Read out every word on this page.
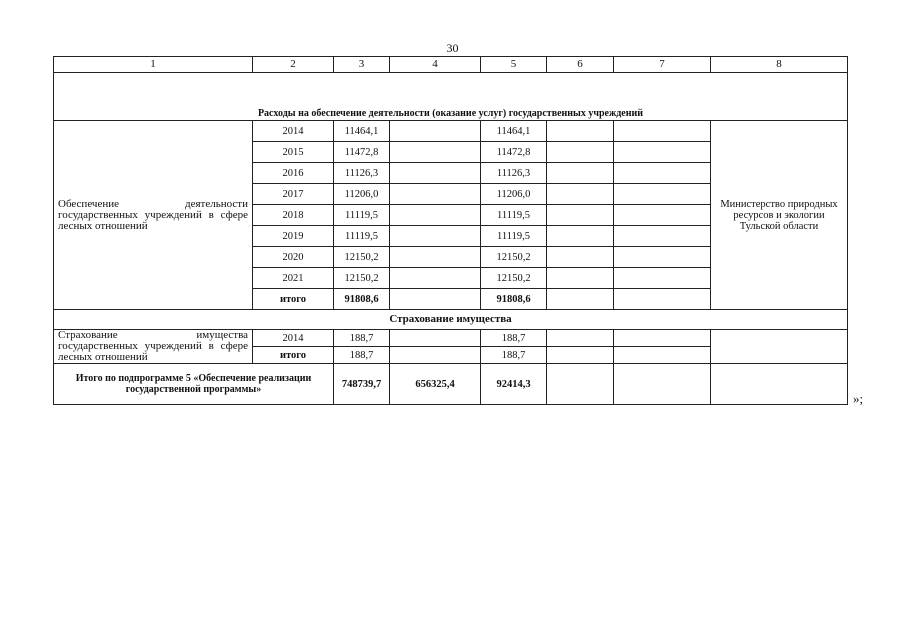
30
1	2	3	4	5	6	7	8
Расходы на обеспечение деятельности (оказание услуг) государственных учреждений							
Обеспечение деятельности государственных учреждений в сфере лесных отношений	2014	11464,1		11464,1			Министерство природных ресурсов и экологии Тульской области
	2015	11472,8		11472,8			
	2016	11126,3		11126,3			
	2017	11206,0		11206,0			
	2018	11119,5		11119,5			
	2019	11119,5		11119,5			
	2020	12150,2		12150,2			
	2021	12150,2		12150,2			
	итого	91808,6		91808,6			
Страхование имущества							
Страхование имущества государственных учреждений в сфере лесных отношений	2014	188,7		188,7			
	итого	188,7		188,7			
Итого по подпрограмме 5 «Обеспечение реализации государственной программы»		748739,7	656325,4	92414,3			
»;
